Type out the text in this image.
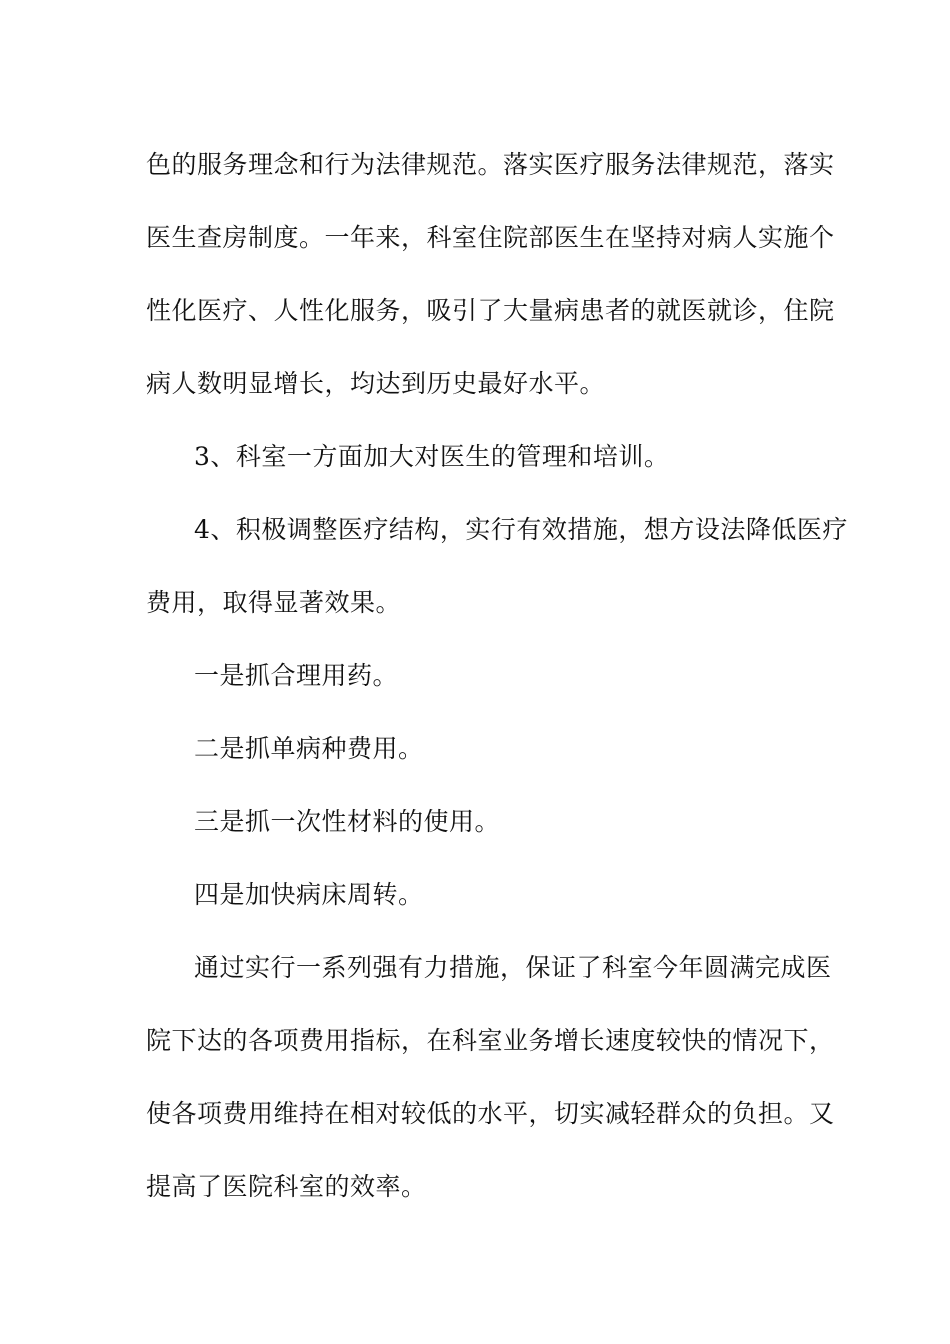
色的服务理念和行为法律规范。落实医疗服务法律规范，落实
医生查房制度。一年来，科室住院部医生在坚持对病人实施个
性化医疗、人性化服务，吸引了大量病患者的就医就诊，住院
病人数明显增长，均达到历史最好水平。
3、科室一方面加大对医生的管理和培训。
4、积极调整医疗结构，实行有效措施，想方设法降低医疗
费用，取得显著效果。
一是抓合理用药。
二是抓单病种费用。
三是抓一次性材料的使用。
四是加快病床周转。
通过实行一系列强有力措施，保证了科室今年圆满完成医
院下达的各项费用指标，在科室业务增长速度较快的情况下，
使各项费用维持在相对较低的水平，切实减轻群众的负担。又
提高了医院科室的效率。
